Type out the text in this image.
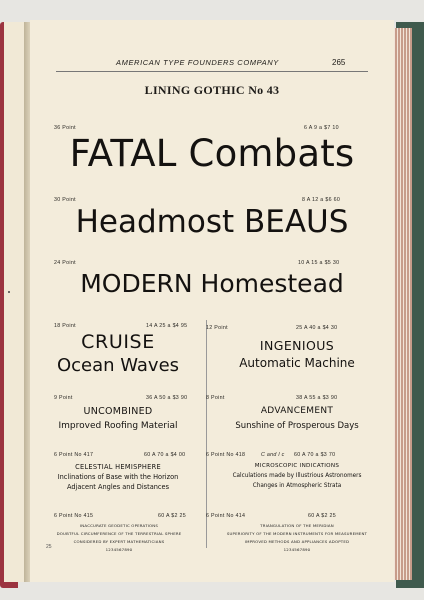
AMERICAN TYPE FOUNDERS COMPANY	265
LINING GOTHIC No 43
36 Point	6 A 9 a $7 10
FATAL Combats
30 Point	8 A 12 a $6 60
Headmost BEAUS
24 Point	10 A 15 a $5 30
MODERN Homestead
18 Point	14 A 25 a $4 95
CRUISE
Ocean Waves
12 Point	25 A 40 a $4 30
INGENIOUS
Automatic Machine
9 Point	36 A 50 a $3 90
UNCOMBINED
Improved Roofing Material
8 Point	38 A 55 a $3 90
ADVANCEMENT
Sunshine of Prosperous Days
6 Point No 417	60 A 70 a $4 00
CELESTIAL HEMISPHERE
Inclinations of Base with the Horizon
Adjacent Angles and Distances
6 Point No 418	C and l c 60 A 70 a $3 70
MICROSCOPIC INDICATIONS
Calculations made by Illustrious Astronomers
Changes in Atmospheric Strata
6 Point No 415	60 A $2 25
INACCURATE GEODETIC OPERATIONS
DOUBTFUL CIRCUMFERENCE OF THE TERRESTRIAL SPHERE
CONSIDERED BY EXPERT MATHEMATICIANS
1234567890
6 Point No 414	60 A $2 25
TRIANGULATION OF THE MERIDIAN
SUPERIORITY OF THE MODERN INSTRUMENTS FOR MEASUREMENT
IMPROVED METHODS AND APPLIANCES ADOPTED
1234567890
25
